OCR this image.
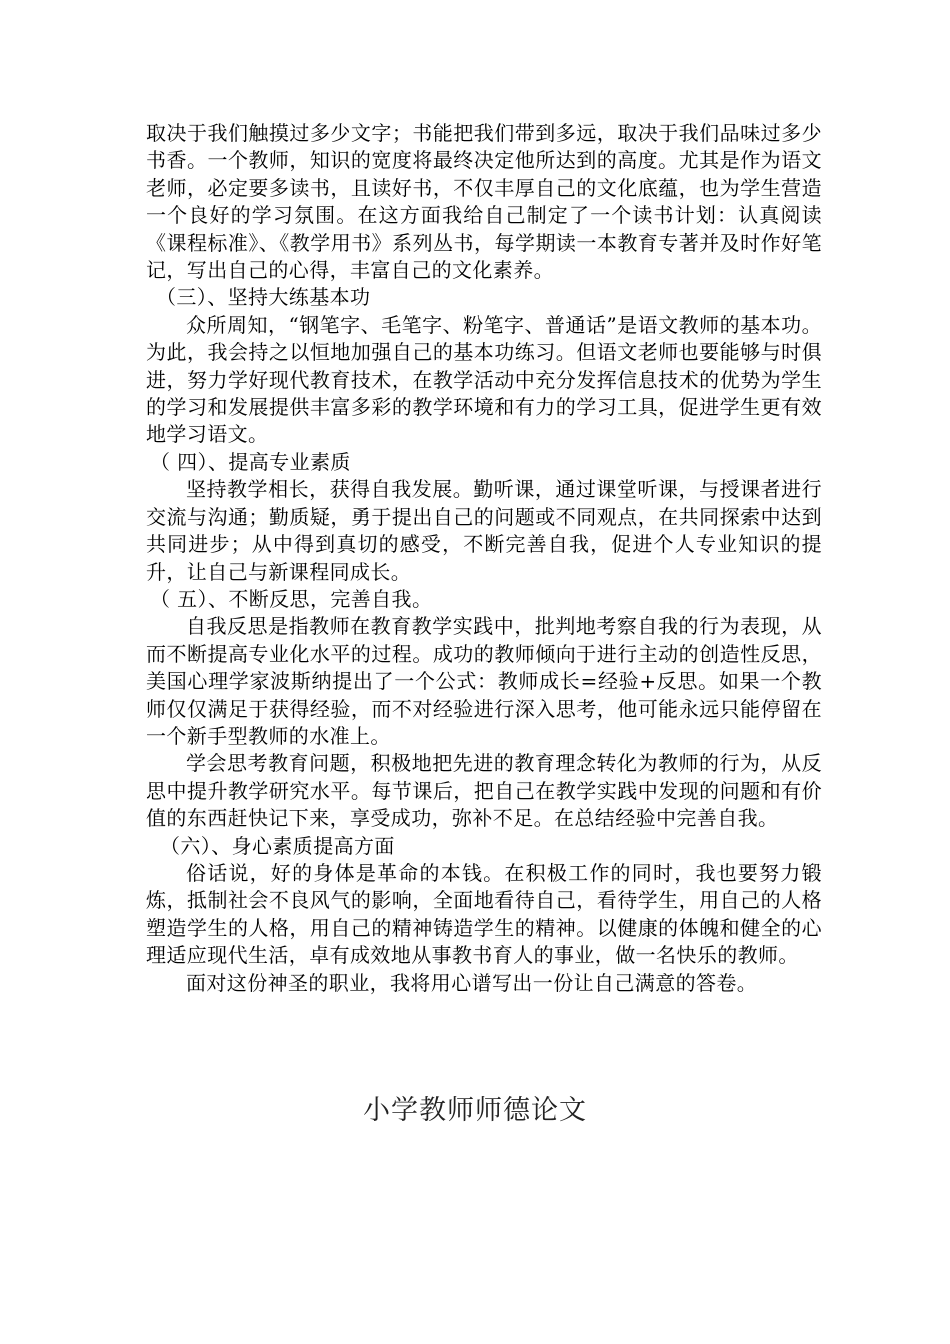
取决于我们触摸过多少文字；书能把我们带到多远，取决于我们品味过多少书香。一个教师，知识的宽度将最终决定他所达到的高度。尤其是作为语文老师，必定要多读书，且读好书，不仅丰厚自己的文化底蕴，也为学生营造一个良好的学习氛围。在这方面我给自己制定了一个读书计划：认真阅读《课程标准》、《教学用书》系列丛书，每学期读一本教育专著并及时作好笔记，写出自己的心得，丰富自己的文化素养。

（三）、坚持大练基本功

众所周知，“钢笔字、毛笔字、粉笔字、普通话”是语文教师的基本功。为此，我会持之以恒地加强自己的基本功练习。但语文老师也要能够与时俱进，努力学好现代教育技术，在教学活动中充分发挥信息技术的优势为学生的学习和发展提供丰富多彩的教学环境和有力的学习工具，促进学生更有效地学习语文。

（ 四）、提高专业素质

坚持教学相长，获得自我发展。勤听课，通过课堂听课，与授课者进行交流与沟通；勤质疑，勇于提出自己的问题或不同观点，在共同探索中达到共同进步；从中得到真切的感受，不断完善自我，促进个人专业知识的提升，让自己与新课程同成长。

（ 五）、不断反思，完善自我。

自我反思是指教师在教育教学实践中，批判地考察自我的行为表现，从而不断提高专业化水平的过程。成功的教师倾向于进行主动的创造性反思，美国心理学家波斯纳提出了一个公式：教师成长=经验+反思。如果一个教师仅仅满足于获得经验，而不对经验进行深入思考，他可能永远只能停留在一个新手型教师的水准上。

学会思考教育问题，积极地把先进的教育理念转化为教师的行为，从反思中提升教学研究水平。每节课后，把自己在教学实践中发现的问题和有价值的东西赶快记下来，享受成功，弥补不足。在总结经验中完善自我。

（六）、身心素质提高方面

俗话说，好的身体是革命的本钱。在积极工作的同时，我也要努力锻炼，抵制社会不良风气的影响，全面地看待自己，看待学生，用自己的人格塑造学生的人格，用自己的精神铸造学生的精神。以健康的体魄和健全的心理适应现代生活，卓有成效地从事教书育人的事业，做一名快乐的教师。

面对这份神圣的职业，我将用心谱写出一份让自己满意的答卷。

小学教师师德论文
